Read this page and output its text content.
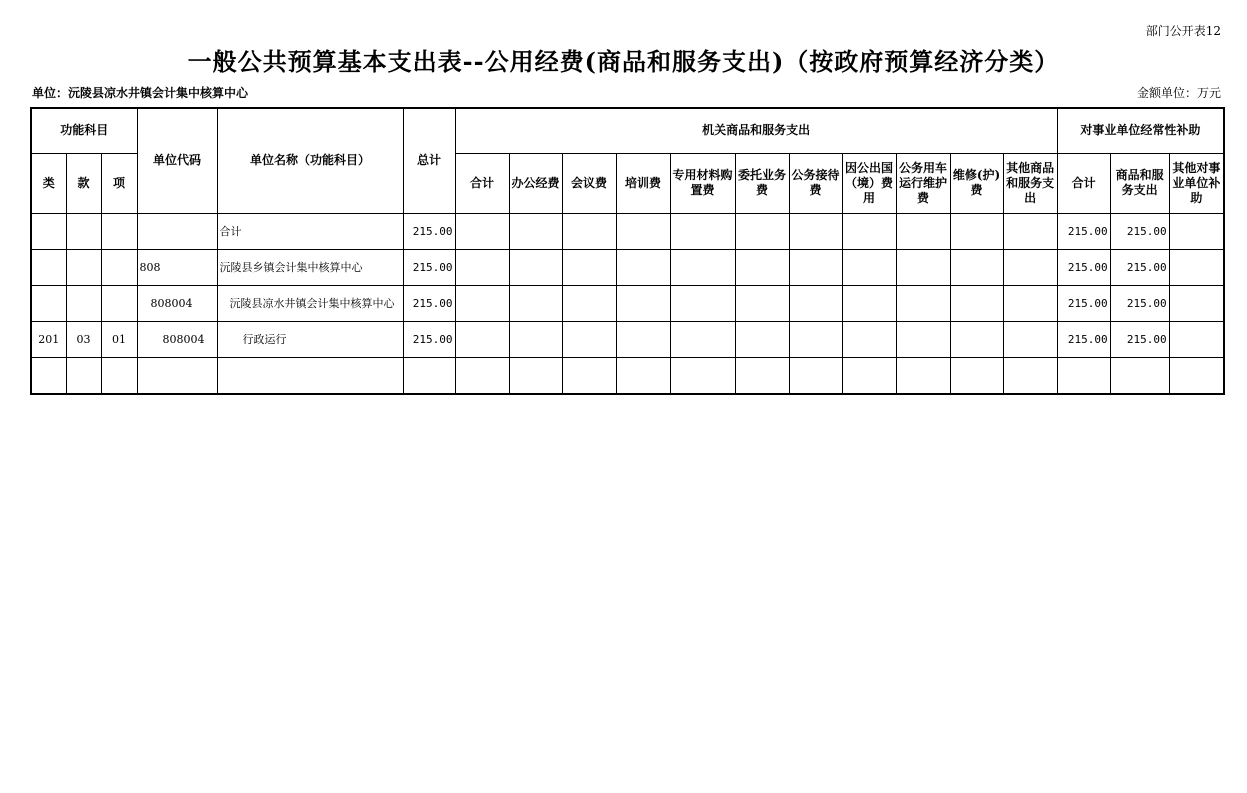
部门公开表12
一般公共预算基本支出表--公用经费(商品和服务支出)（按政府预算经济分类）
单位：沅陵县凉水井镇会计集中核算中心	金额单位：万元
功能科目			单位代码	单位名称（功能科目）	总计	机关商品和服务支出											对事业单位经常性补助		
类	款	项				合计	办公经费	会议费	培训费	专用材料购置费	委托业务费	公务接待费	因公出国（境）费用	公务用车运行维护费	维修(护)费	其他商品和服务支出	合计	商品和服务支出	其他对事业单位补助
				合计	215.00												215.00	215.00	
			808	沅陵县乡镇会计集中核算中心	215.00												215.00	215.00	
			808004	沅陵县凉水井镇会计集中核算中心	215.00												215.00	215.00	
201	03	01	808004	行政运行	215.00												215.00	215.00	
